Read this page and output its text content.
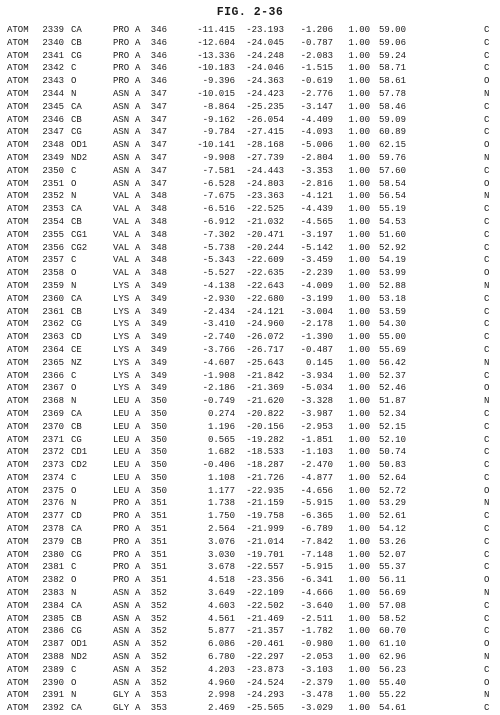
FIG. 2-36
ATOM	2339 CA	PRO A	346	-11.415	-23.193	-1.206	1.00 59.00	C
ATOM	2340 CB	PRO A	346	-12.604	-24.045	-0.787	1.00 59.06	C
ATOM	2341 CG	PRO A	346	-13.336	-24.248	-2.083	1.00 59.24	C
ATOM	2342 C	PRO A	346	-10.183	-24.046	-1.515	1.00 58.71	C
ATOM	2343 O	PRO A	346	-9.396	-24.363	-0.619	1.00 58.61	O
ATOM	2344 N	ASN A	347	-10.015	-24.423	-2.776	1.00 57.78	N
ATOM	2345 CA	ASN A	347	-8.864	-25.235	-3.147	1.00 58.46	C
ATOM	2346 CB	ASN A	347	-9.162	-26.054	-4.409	1.00 59.09	C
ATOM	2347 CG	ASN A	347	-9.784	-27.415	-4.093	1.00 60.89	C
ATOM	2348 OD1	ASN A	347	-10.141	-28.168	-5.006	1.00 62.15	O
ATOM	2349 ND2	ASN A	347	-9.908	-27.739	-2.804	1.00 59.76	N
ATOM	2350 C	ASN A	347	-7.581	-24.443	-3.353	1.00 57.60	C
ATOM	2351 O	ASN A	347	-6.528	-24.803	-2.816	1.00 58.54	O
ATOM	2352 N	VAL A	348	-7.675	-23.363	-4.121	1.00 56.54	N
ATOM	2353 CA	VAL A	348	-6.516	-22.525	-4.439	1.00 55.19	C
ATOM	2354 CB	VAL A	348	-6.912	-21.032	-4.565	1.00 54.53	C
ATOM	2355 CG1	VAL A	348	-7.302	-20.471	-3.197	1.00 51.60	C
ATOM	2356 CG2	VAL A	348	-5.738	-20.244	-5.142	1.00 52.92	C
ATOM	2357 C	VAL A	348	-5.343	-22.609	-3.459	1.00 54.19	C
ATOM	2358 O	VAL A	348	-5.527	-22.635	-2.239	1.00 53.99	O
ATOM	2359 N	LYS A	349	-4.138	-22.643	-4.009	1.00 52.88	N
ATOM	2360 CA	LYS A	349	-2.930	-22.680	-3.199	1.00 53.18	C
ATOM	2361 CB	LYS A	349	-2.434	-24.121	-3.004	1.00 53.59	C
ATOM	2362 CG	LYS A	349	-3.410	-24.960	-2.178	1.00 54.30	C
ATOM	2363 CD	LYS A	349	-2.740	-26.072	-1.390	1.00 55.00	C
ATOM	2364 CE	LYS A	349	-3.766	-26.717	-0.487	1.00 55.69	C
ATOM	2365 NZ	LYS A	349	-4.607	-25.643	0.145	1.00 56.42	N
ATOM	2366 C	LYS A	349	-1.908	-21.842	-3.934	1.00 52.37	C
ATOM	2367 O	LYS A	349	-2.186	-21.369	-5.034	1.00 52.46	O
ATOM	2368 N	LEU A	350	-0.749	-21.620	-3.328	1.00 51.87	N
ATOM	2369 CA	LEU A	350	0.274	-20.822	-3.987	1.00 52.34	C
ATOM	2370 CB	LEU A	350	1.196	-20.156	-2.953	1.00 52.15	C
ATOM	2371 CG	LEU A	350	0.565	-19.282	-1.851	1.00 52.10	C
ATOM	2372 CD1	LEU A	350	1.682	-18.533	-1.103	1.00 50.74	C
ATOM	2373 CD2	LEU A	350	-0.406	-18.287	-2.470	1.00 50.83	C
ATOM	2374 C	LEU A	350	1.108	-21.726	-4.877	1.00 52.64	C
ATOM	2375 O	LEU A	350	1.177	-22.935	-4.656	1.00 52.72	O
ATOM	2376 N	PRO A	351	1.738	-21.159	-5.915	1.00 53.29	N
ATOM	2377 CD	PRO A	351	1.750	-19.758	-6.365	1.00 52.61	C
ATOM	2378 CA	PRO A	351	2.564	-21.999	-6.789	1.00 54.12	C
ATOM	2379 CB	PRO A	351	3.076	-21.014	-7.842	1.00 53.26	C
ATOM	2380 CG	PRO A	351	3.030	-19.701	-7.148	1.00 52.07	C
ATOM	2381 C	PRO A	351	3.678	-22.557	-5.915	1.00 55.37	C
ATOM	2382 O	PRO A	351	4.518	-23.356	-6.341	1.00 56.11	O
ATOM	2383 N	ASN A	352	3.649	-22.109	-4.666	1.00 56.69	N
ATOM	2384 CA	ASN A	352	4.603	-22.502	-3.640	1.00 57.08	C
ATOM	2385 CB	ASN A	352	4.561	-21.469	-2.511	1.00 58.52	C
ATOM	2386 CG	ASN A	352	5.877	-21.357	-1.782	1.00 60.70	C
ATOM	2387 OD1	ASN A	352	6.086	-20.461	-0.980	1.00 61.10	O
ATOM	2388 ND2	ASN A	352	6.780	-22.297	-2.053	1.00 62.96	N
ATOM	2389 C	ASN A	352	4.203	-23.873	-3.103	1.00 56.23	C
ATOM	2390 O	ASN A	352	4.960	-24.524	-2.379	1.00 55.40	O
ATOM	2391 N	GLY A	353	2.998	-24.293	-3.478	1.00 55.22	N
ATOM	2392 CA	GLY A	353	2.469	-25.565	-3.029	1.00 54.61	C
